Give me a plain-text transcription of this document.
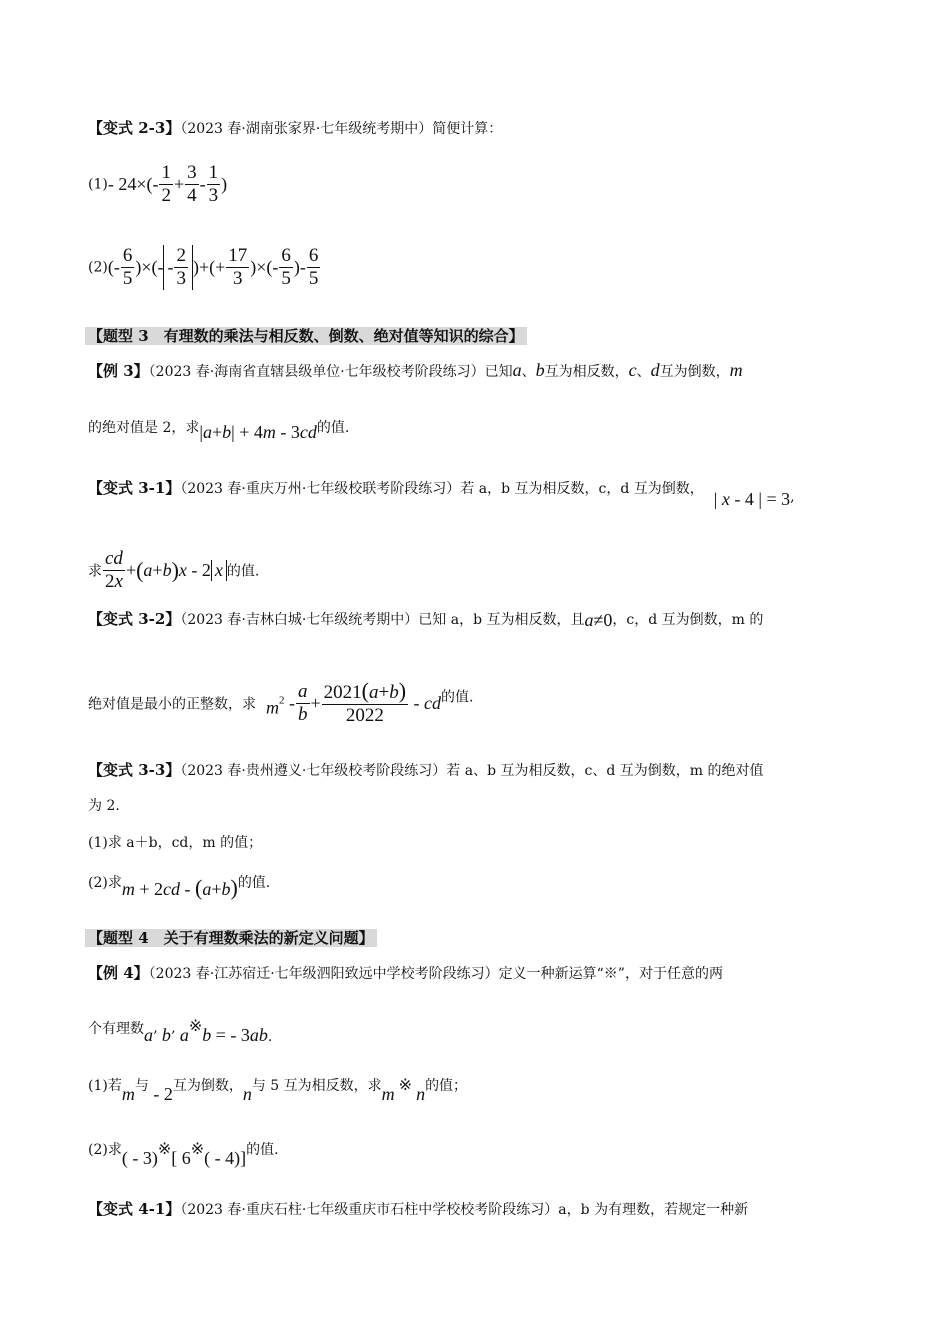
【变式 2-3】（2023 春·湖南张家界·七年级统考期中）简便计算：
(1)- $24\times(- \frac{1}{2} + \frac{3}{4} - \frac{1}{3}$ )
$(2)(- \frac{6}{5}$ )×(- - $\frac{2}{3}$ )+(+ $\frac{17}{3}$ )×(- $\frac{6}{5}$ )- $\frac{6}{5}$
【题型 3　有理数的乘法与相反数、倒数、绝对值等知识的综合】
【例 3】（2023 春·海南省直辖县级单位·七年级校考阶段练习）已知a、b互为相反数，c、d互为倒数，m
的绝对值是 2，求|a+b| + 4m - 3cd的值.
【变式 3-1】（2023 春·重庆万州·七年级校联考阶段练习）若 a，b 互为相反数，c，d 互为倒数， | x - 4 | = 3,
求 $\frac{cd}{2x} +(a+b)x - 2$ x 的值.
【变式 3-2】（2023 春·吉林白城·七年级统考期中）已知 a，b 互为相反数，且a≠0，c，d 互为倒数，m 的
绝对值是最小的正整数，求 $m^2 - \frac{a}{b} + \frac{2021(a+b)}{2022}$ - cd的值.
【变式 3-3】（2023 春·贵州遵义·七年级校考阶段练习）若 a、b 互为相反数，c、d 互为倒数，m 的绝对值
为 2.
(1)求 a＋b，cd，m 的值；
(2)求m + 2cd - (a+b)的值.
【题型 4　关于有理数乘法的新定义问题】
【例 4】（2023 春·江苏宿迁·七年级泗阳致远中学校考阶段练习）定义一种新运算“※”，对于任意的两
个有理数a’ b’ a※b = - 3ab.
(1)若m与 - 2互为倒数，n与 5 互为相反数，求m ※ n的值；
(2)求( - 3)※[ 6※( - 4)]的值.
【变式 4-1】（2023 春·重庆石柱·七年级重庆市石柱中学校校考阶段练习）a，b 为有理数，若规定一种新
